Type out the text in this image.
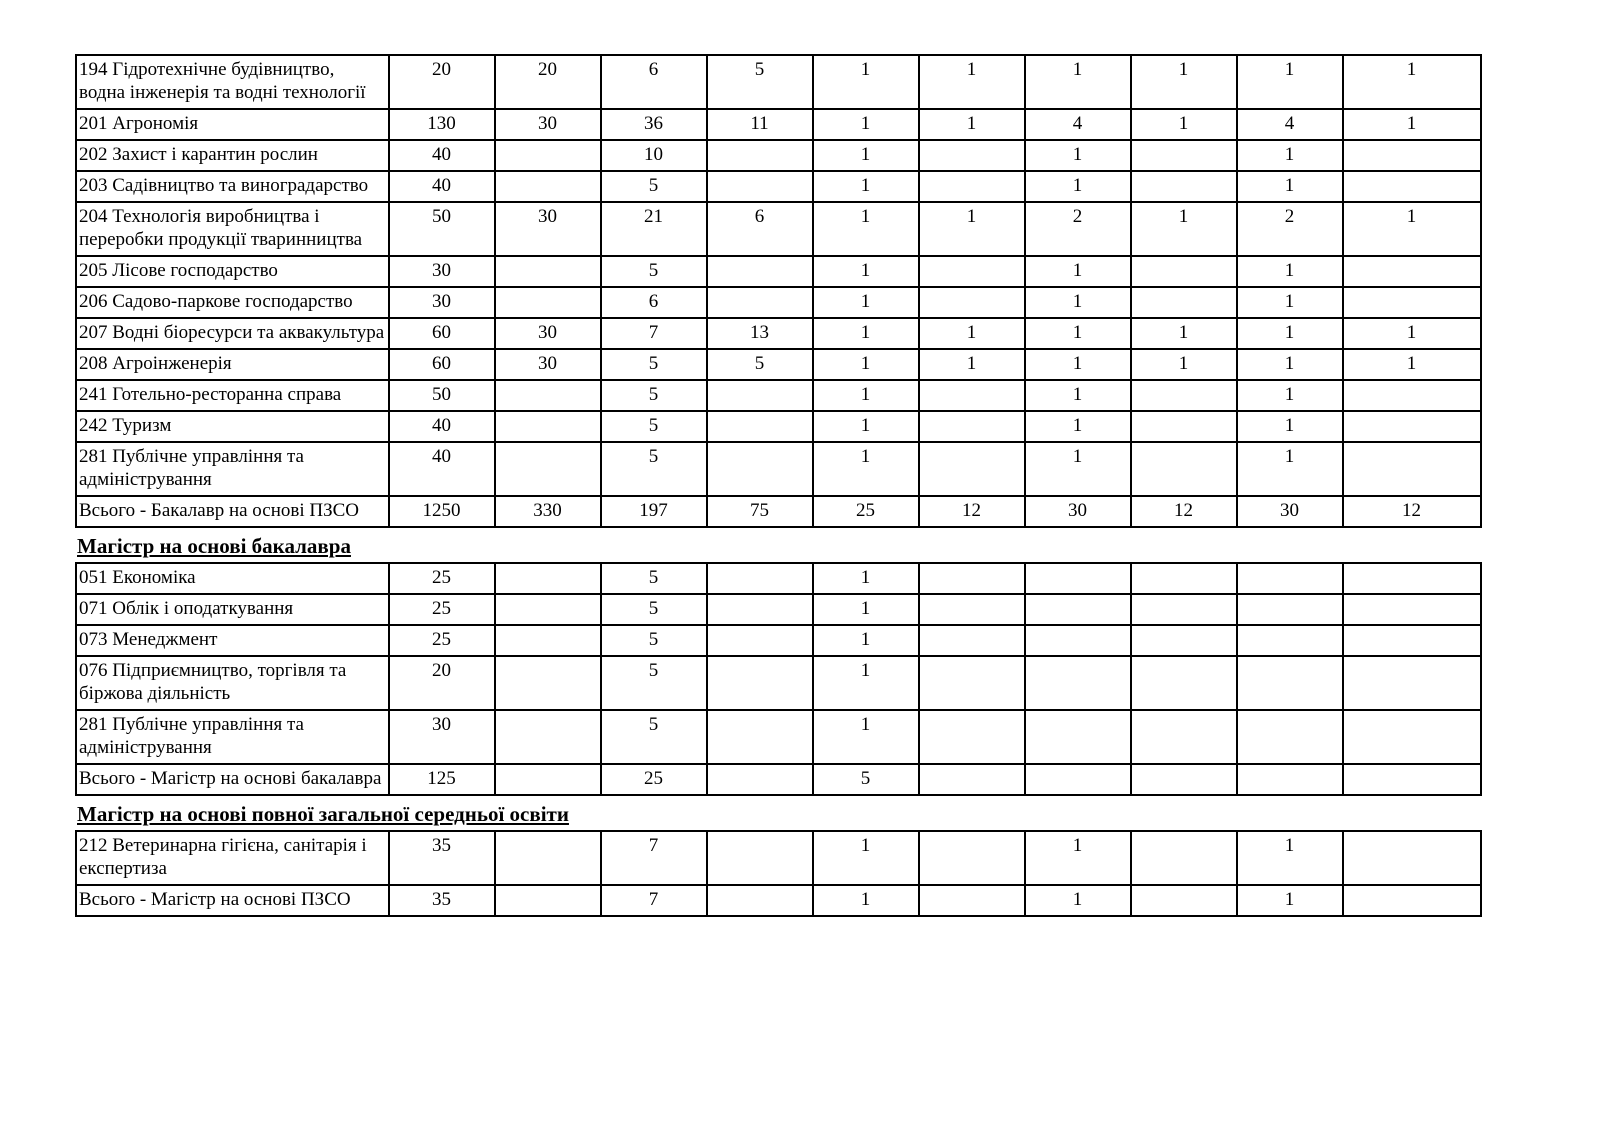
194 Гідротехнічне будівництво, водна інженерія та водні технології	20	20	6	5	1	1	1	1	1	1
201 Агрономія	130	30	36	11	1	1	4	1	4	1
202 Захист і карантин рослин	40		10		1		1		1	
203 Садівництво та виноградарство	40		5		1		1		1	
204 Технологія виробництва і переробки продукції тваринництва	50	30	21	6	1	1	2	1	2	1
205 Лісове господарство	30		5		1		1		1	
206 Садово-паркове господарство	30		6		1		1		1	
207 Водні біоресурси та аквакультура	60	30	7	13	1	1	1	1	1	1
208 Агроінженерія	60	30	5	5	1	1	1	1	1	1
241 Готельно-ресторанна справа	50		5		1		1		1	
242 Туризм	40		5		1		1		1	
281 Публічне управління та адміністрування	40		5		1		1		1	
Всього - Бакалавр на основі ПЗСО	1250	330	197	75	25	12	30	12	30	12
Магістр на основі бакалавра
051 Економіка	25		5		1					
071 Облік і оподаткування	25		5		1					
073 Менеджмент	25		5		1					
076 Підприємництво, торгівля та біржова діяльність	20		5		1					
281 Публічне управління та адміністрування	30		5		1					
Всього - Магістр на основі бакалавра	125		25		5					
Магістр на основі повної загальної середньої освіти
212 Ветеринарна гігієна, санітарія і експертиза	35		7		1		1		1	
Всього - Магістр на основі ПЗСО	35		7		1		1		1	
